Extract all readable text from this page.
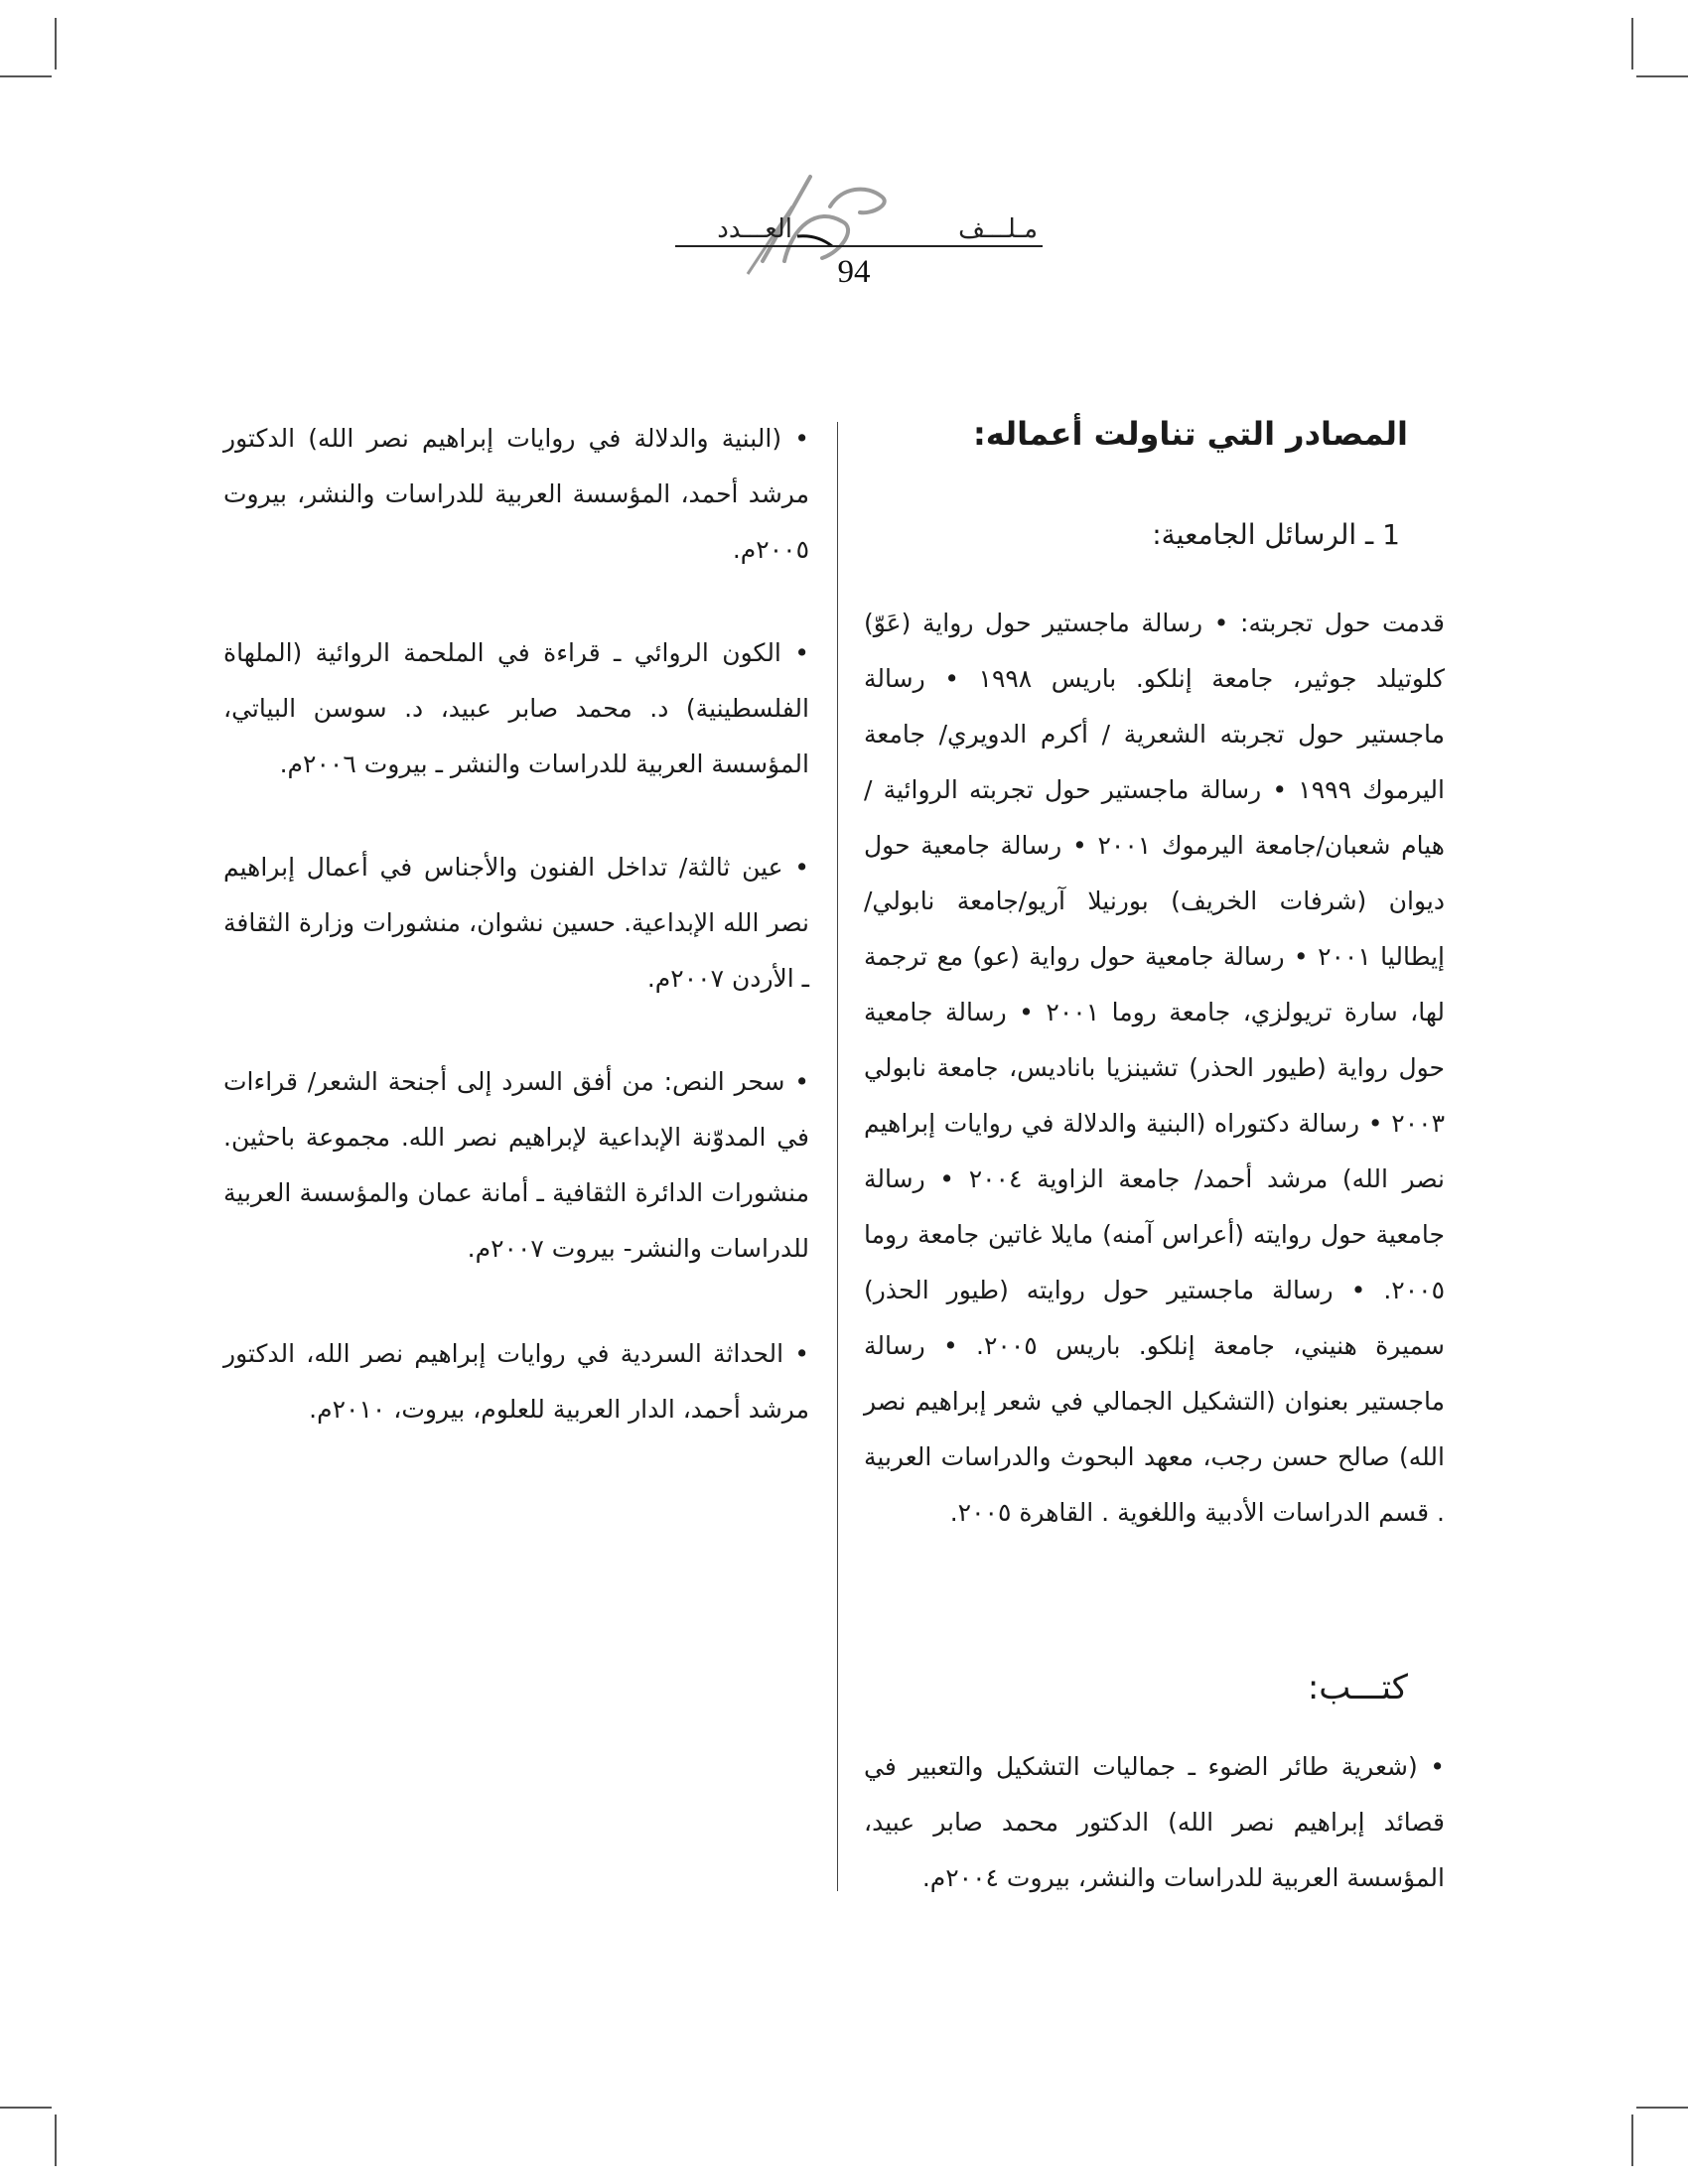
العـــدد	مـلـــف
94
المصادر التي تناولت أعماله:
1 ـ الرسائل الجامعية:

قدمت حول تجربته: • رسالة ماجستير حول رواية (عَوّ) كلوتيلد جوثير، جامعة إنلكو. باريس ١٩٩٨ • رسالة ماجستير حول تجربته الشعرية / أكرم الدويري/ جامعة اليرموك ١٩٩٩ • رسالة ماجستير حول تجربته الروائية / هيام شعبان/جامعة اليرموك ٢٠٠١ • رسالة جامعية حول ديوان (شرفات الخريف) بورنيلا آريو/جامعة نابولي/ إيطاليا ٢٠٠١ • رسالة جامعية حول رواية (عو) مع ترجمة لها، سارة تريولزي، جامعة روما ٢٠٠١ • رسالة جامعية حول رواية (طيور الحذر) تشينزيا باناديس، جامعة نابولي ٢٠٠٣ • رسالة دكتوراه (البنية والدلالة في روايات إبراهيم نصر الله) مرشد أحمد/ جامعة الزاوية ٢٠٠٤ • رسالة جامعية حول روايته (أعراس آمنه) مايلا غاتين جامعة روما ٢٠٠٥. • رسالة ماجستير حول روايته (طيور الحذر) سميرة هنيني، جامعة إنلكو. باريس ٢٠٠٥. • رسالة ماجستير بعنوان (التشكيل الجمالي في شعر إبراهيم نصر الله) صالح حسن رجب، معهد البحوث والدراسات العربية . قسم الدراسات الأدبية واللغوية . القاهرة ٢٠٠٥.

كتـــب:

• (شعرية طائر الضوء ـ جماليات التشكيل والتعبير في قصائد إبراهيم نصر الله) الدكتور محمد صابر عبيد، المؤسسة العربية للدراسات والنشر، بيروت ٢٠٠٤م.

• (البنية والدلالة في روايات إبراهيم نصر الله) الدكتور مرشد أحمد، المؤسسة العربية للدراسات والنشر، بيروت ٢٠٠٥م.

• الكون الروائي ـ قراءة في الملحمة الروائية (الملهاة الفلسطينية) د. محمد صابر عبيد، د. سوسن البياتي، المؤسسة العربية للدراسات والنشر ـ بيروت ٢٠٠٦م.

• عين ثالثة/ تداخل الفنون والأجناس في أعمال إبراهيم نصر الله الإبداعية. حسين نشوان، منشورات وزارة الثقافة ـ الأردن ٢٠٠٧م.

• سحر النص: من أفق السرد إلى أجنحة الشعر/ قراءات في المدوّنة الإبداعية لإبراهيم نصر الله. مجموعة باحثين. منشورات الدائرة الثقافية ـ أمانة عمان والمؤسسة العربية للدراسات والنشر- بيروت ٢٠٠٧م.

• الحداثة السردية في روايات إبراهيم نصر الله، الدكتور مرشد أحمد، الدار العربية للعلوم، بيروت، ٢٠١٠م.
